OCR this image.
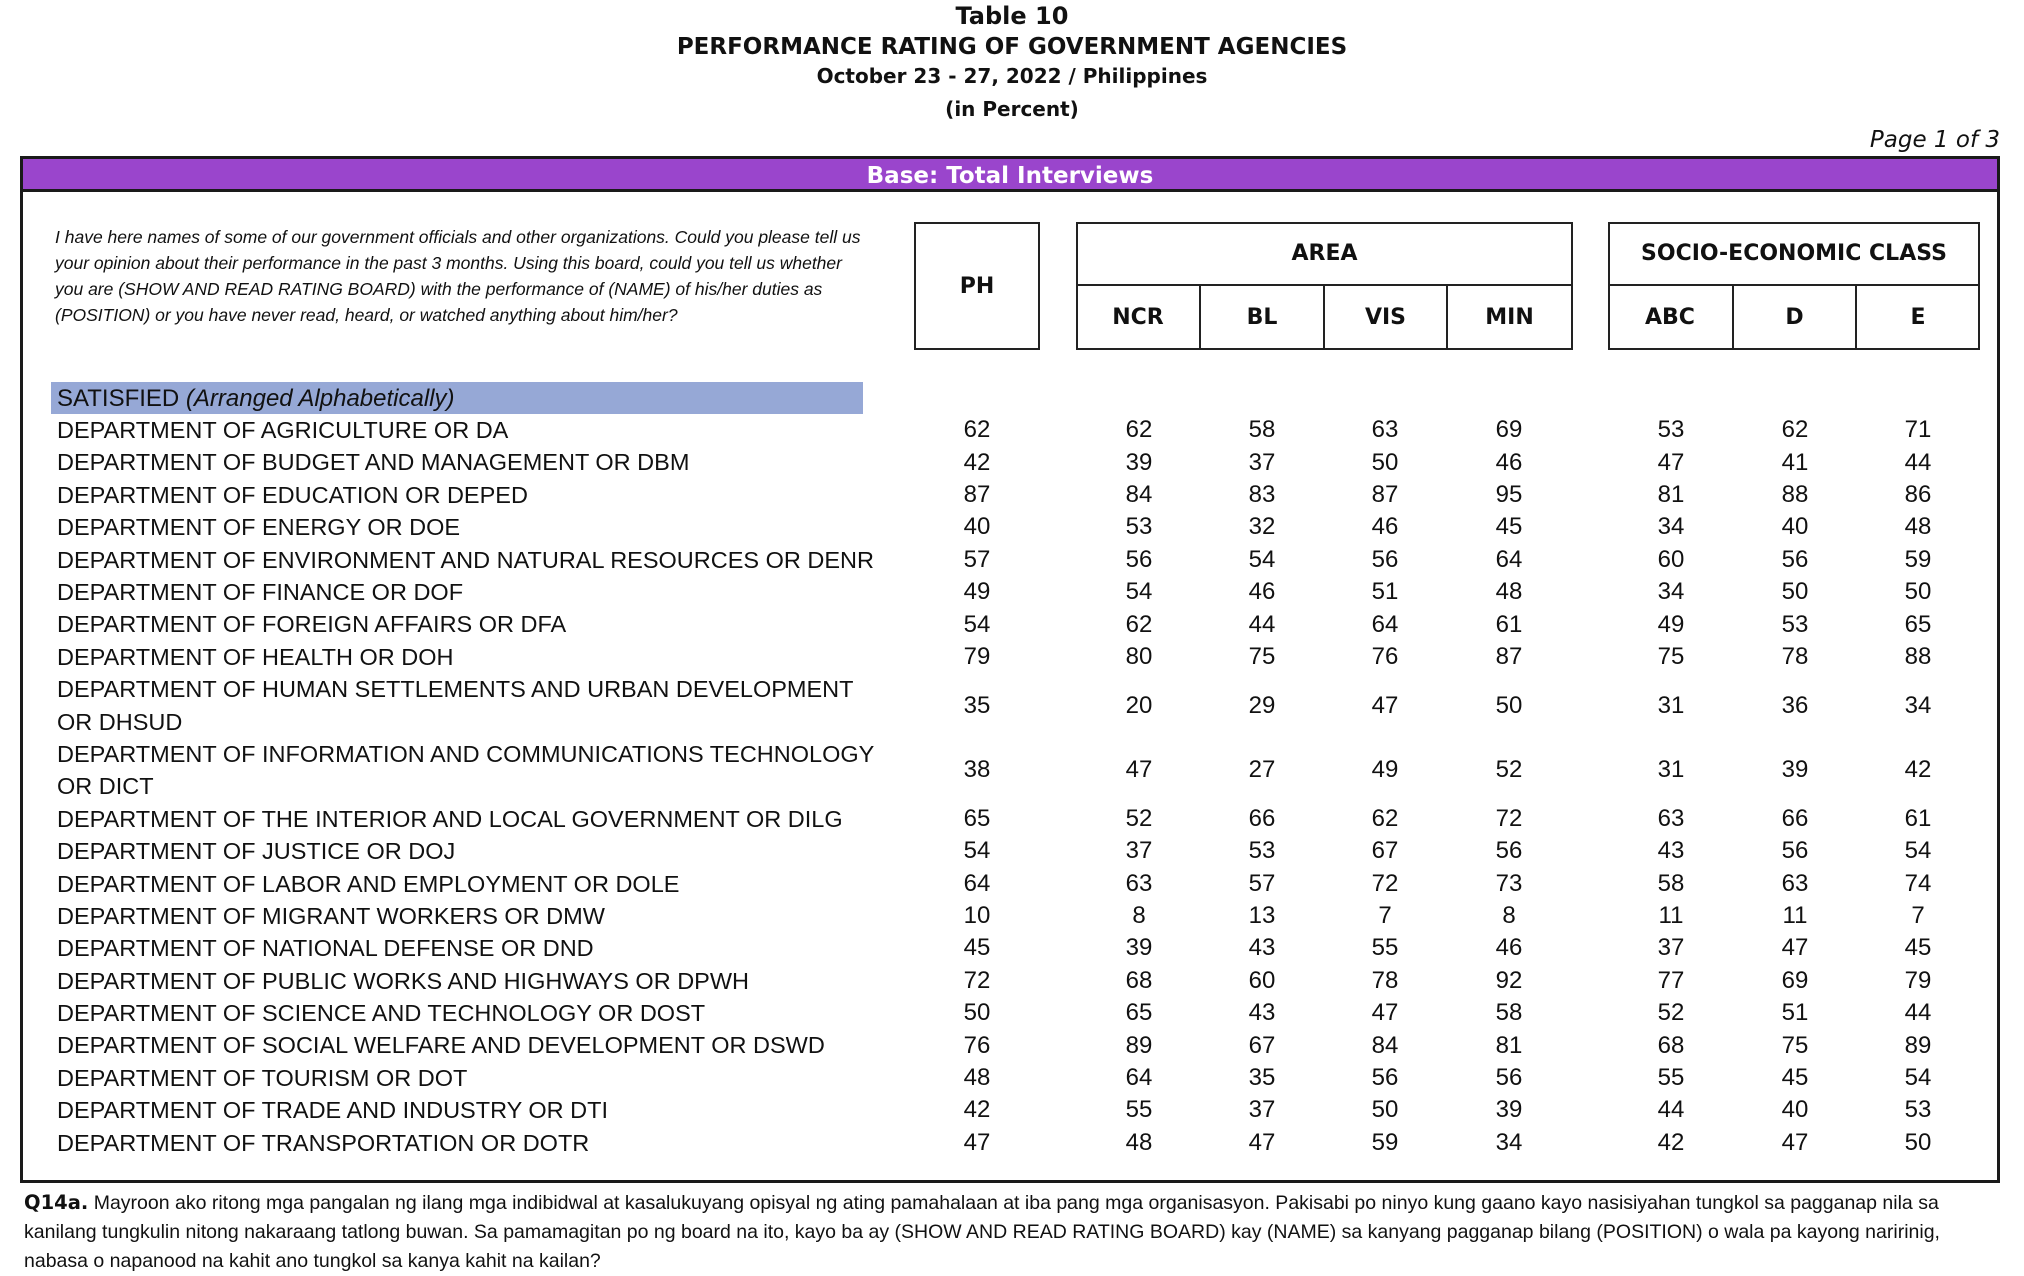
Table 10
PERFORMANCE RATING OF GOVERNMENT AGENCIES
October 23 - 27, 2022 / Philippines
(in Percent)
Page 1 of 3
Base: Total Interviews
I have here names of some of our government officials and other organizations. Could you please tell us your opinion about their performance in the past 3 months. Using this board, could you tell us whether you are (SHOW AND READ RATING BOARD) with the performance of (NAME) of his/her duties as (POSITION) or you have never read, heard, or watched anything about him/her?
PH
AREA
NCR	BL	VIS	MIN
SOCIO-ECONOMIC CLASS
ABC	D	E
SATISFIED (Arranged Alphabetically)
DEPARTMENT OF AGRICULTURE OR DA	62	62	58	63	69	53	62	71
DEPARTMENT OF BUDGET AND MANAGEMENT OR DBM	42	39	37	50	46	47	41	44
DEPARTMENT OF EDUCATION OR DEPED	87	84	83	87	95	81	88	86
DEPARTMENT OF ENERGY OR DOE	40	53	32	46	45	34	40	48
DEPARTMENT OF ENVIRONMENT AND NATURAL RESOURCES OR DENR	57	56	54	56	64	60	56	59
DEPARTMENT OF FINANCE OR DOF	49	54	46	51	48	34	50	50
DEPARTMENT OF FOREIGN AFFAIRS OR DFA	54	62	44	64	61	49	53	65
DEPARTMENT OF HEALTH OR DOH	79	80	75	76	87	75	78	88
DEPARTMENT OF HUMAN SETTLEMENTS AND URBAN DEVELOPMENT OR DHSUD
35	20	29	47	50	31	36	34
DEPARTMENT OF INFORMATION AND COMMUNICATIONS TECHNOLOGY OR DICT
38	47	27	49	52	31	39	42
DEPARTMENT OF THE INTERIOR AND LOCAL GOVERNMENT OR DILG	65	52	66	62	72	63	66	61
DEPARTMENT OF JUSTICE OR DOJ	54	37	53	67	56	43	56	54
DEPARTMENT OF LABOR AND EMPLOYMENT OR DOLE	64	63	57	72	73	58	63	74
DEPARTMENT OF MIGRANT WORKERS OR DMW	10	8	13	7	8	11	11	7
DEPARTMENT OF NATIONAL DEFENSE OR DND	45	39	43	55	46	37	47	45
DEPARTMENT OF PUBLIC WORKS AND HIGHWAYS OR DPWH	72	68	60	78	92	77	69	79
DEPARTMENT OF SCIENCE AND TECHNOLOGY OR DOST	50	65	43	47	58	52	51	44
DEPARTMENT OF SOCIAL WELFARE AND DEVELOPMENT OR DSWD	76	89	67	84	81	68	75	89
DEPARTMENT OF TOURISM OR DOT	48	64	35	56	56	55	45	54
DEPARTMENT OF TRADE AND INDUSTRY OR DTI	42	55	37	50	39	44	40	53
DEPARTMENT OF TRANSPORTATION OR DOTR	47	48	47	59	34	42	47	50
Q14a. Mayroon ako ritong mga pangalan ng ilang mga indibidwal at kasalukuyang opisyal ng ating pamahalaan at iba pang mga organisasyon. Pakisabi po ninyo kung gaano kayo nasisiyahan tungkol sa pagganap nila sa kanilang tungkulin nitong nakaraang tatlong buwan. Sa pamamagitan po ng board na ito, kayo ba ay (SHOW AND READ RATING BOARD) kay (NAME) sa kanyang pagganap bilang (POSITION) o wala pa kayong naririnig, nabasa o napanood na kahit ano tungkol sa kanya kahit na kailan?
